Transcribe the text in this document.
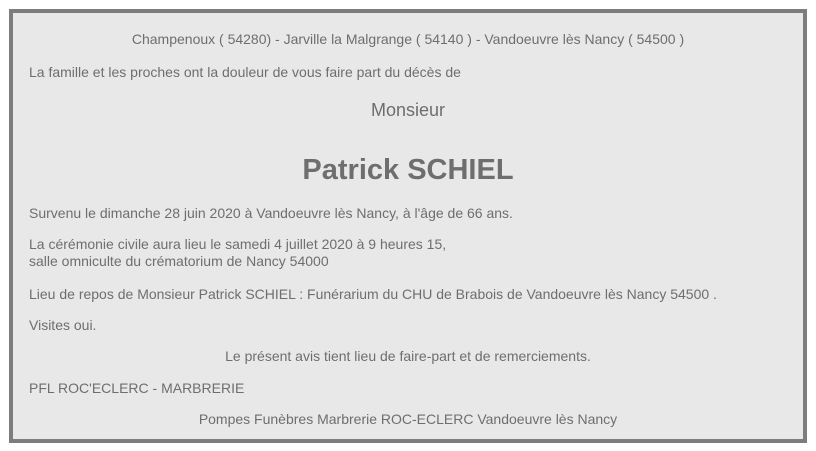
Champenoux ( 54280) - Jarville la Malgrange ( 54140 ) - Vandoeuvre lès Nancy ( 54500 )
La famille et les proches ont la douleur de vous faire part du décès de
Monsieur
Patrick SCHIEL
Survenu le dimanche 28 juin 2020 à Vandoeuvre lès Nancy, à l'âge de 66 ans.
La cérémonie civile aura lieu le samedi 4 juillet 2020 à 9 heures 15,
salle omniculte du crématorium de Nancy 54000
Lieu de repos de Monsieur Patrick SCHIEL : Funérarium du CHU de Brabois de Vandoeuvre lès Nancy 54500 .
Visites oui.
Le présent avis tient lieu de faire-part et de remerciements.
PFL ROC'ECLERC - MARBRERIE
Pompes Funèbres Marbrerie ROC-ECLERC Vandoeuvre lès Nancy
